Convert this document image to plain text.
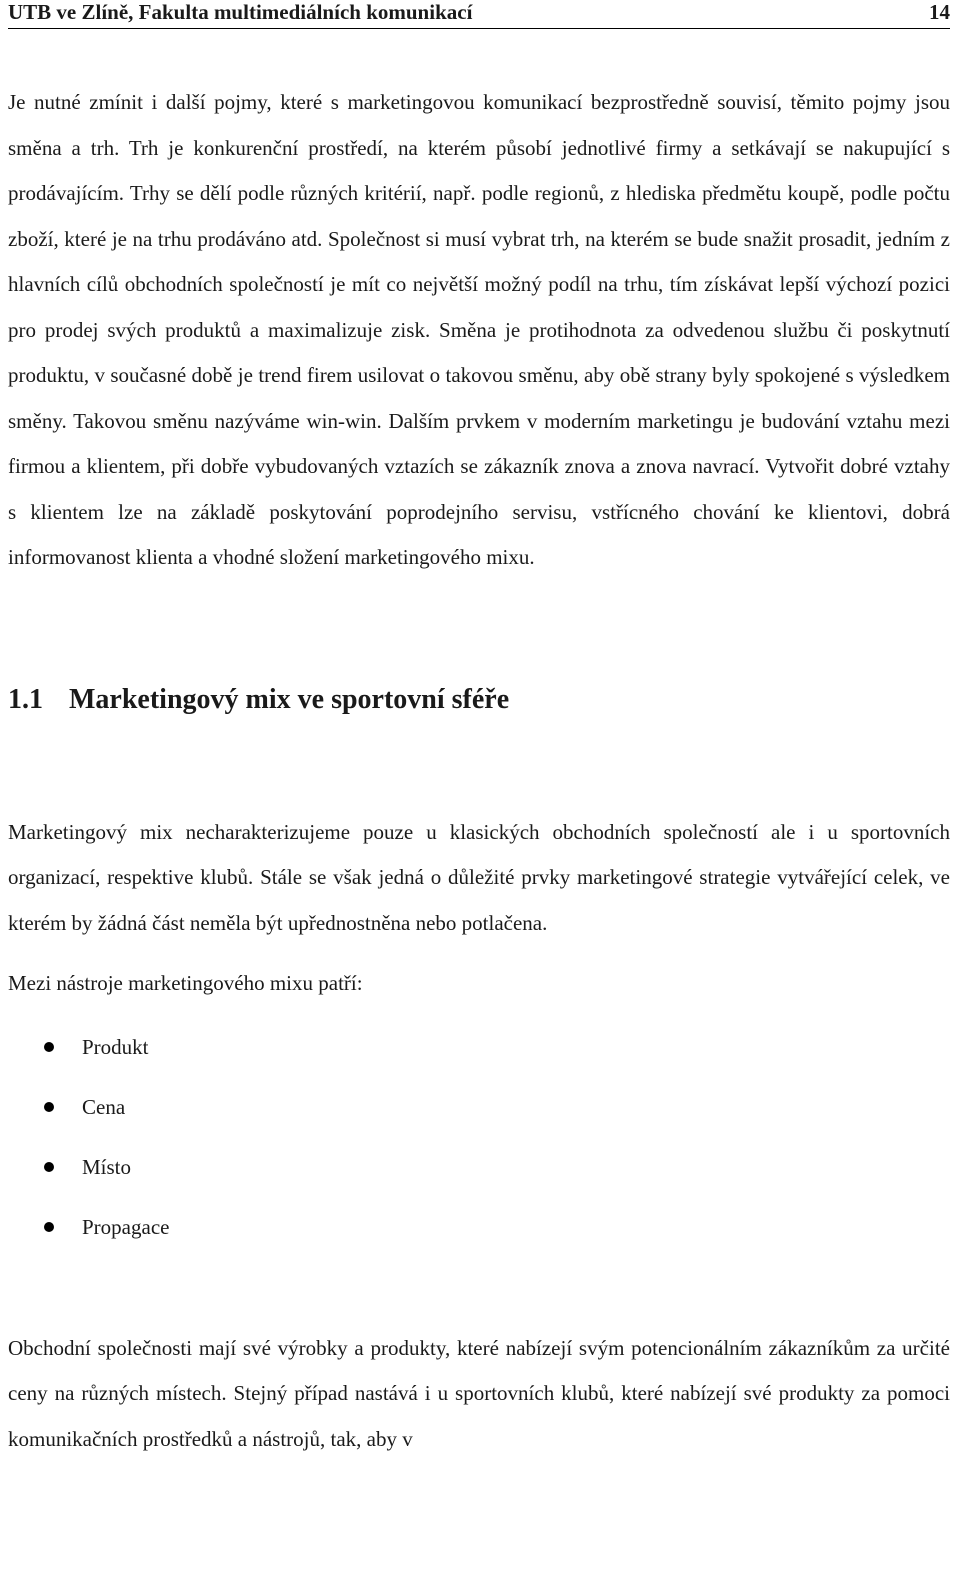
UTB ve Zlíně, Fakulta multimediálních komunikací	14

Je nutné zmínit i další pojmy, které s marketingovou komunikací bezprostředně souvisí, těmito pojmy jsou směna a trh. Trh je konkurenční prostředí, na kterém působí jednotlivé firmy a setkávají se nakupující s prodávajícím. Trhy se dělí podle různých kritérií, např. podle regionů, z hlediska předmětu koupě, podle počtu zboží, které je na trhu prodáváno atd. Společnost si musí vybrat trh, na kterém se bude snažit prosadit, jedním z hlavních cílů obchodních společností je mít co největší možný podíl na trhu, tím získávat lepší výchozí pozici pro prodej svých produktů a maximalizuje zisk. Směna je protihodnota za odvedenou službu či poskytnutí produktu, v současné době je trend firem usilovat o takovou směnu, aby obě strany byly spokojené s výsledkem směny. Takovou směnu nazýváme win-win. Dalším prvkem v moderním marketingu je budování vztahu mezi firmou a klientem, při dobře vybudovaných vztazích se zákazník znova a znova navrací. Vytvořit dobré vztahy s klientem lze na základě poskytování poprodejního servisu, vstřícného chování ke klientovi, dobrá informovanost klienta a vhodné složení marketingového mixu.

1.1 Marketingový mix ve sportovní sféře

Marketingový mix necharakterizujeme pouze u klasických obchodních společností ale i u sportovních organizací, respektive klubů. Stále se však jedná o důležité prvky marketingové strategie vytvářející celek, ve kterém by žádná část neměla být upřednostněna nebo potlačena.

Mezi nástroje marketingového mixu patří:

Produkt
Cena
Místo
Propagace

Obchodní společnosti mají své výrobky a produkty, které nabízejí svým potencionálním zákazníkům za určité ceny na různých místech. Stejný případ nastává i u sportovních klubů, které nabízejí své produkty za pomoci komunikačních prostředků a nástrojů, tak, aby v
